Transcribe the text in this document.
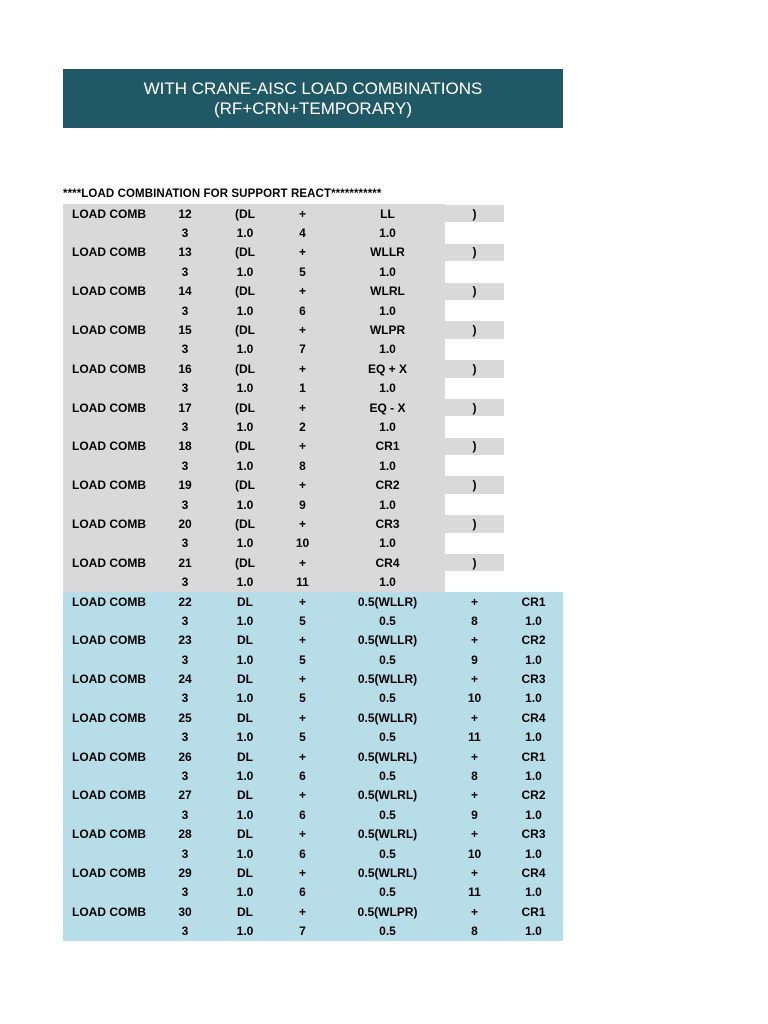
WITH CRANE-AISC LOAD COMBINATIONS
(RF+CRN+TEMPORARY)
****LOAD COMBINATION FOR SUPPORT REACT***********
LOAD COMB	12	(DL	+	LL	)
3	1.0	4	1.0
LOAD COMB	13	(DL	+	WLLR	)
3	1.0	5	1.0
LOAD COMB	14	(DL	+	WLRL	)
3	1.0	6	1.0
LOAD COMB	15	(DL	+	WLPR	)
3	1.0	7	1.0
LOAD COMB	16	(DL	+	EQ + X	)
3	1.0	1	1.0
LOAD COMB	17	(DL	+	EQ - X	)
3	1.0	2	1.0
LOAD COMB	18	(DL	+	CR1	)
3	1.0	8	1.0
LOAD COMB	19	(DL	+	CR2	)
3	1.0	9	1.0
LOAD COMB	20	(DL	+	CR3	)
3	1.0	10	1.0
LOAD COMB	21	(DL	+	CR4	)
3	1.0	11	1.0
LOAD COMB	22	DL	+	0.5(WLLR)	+	CR1
3	1.0	5	0.5	8	1.0
LOAD COMB	23	DL	+	0.5(WLLR)	+	CR2
3	1.0	5	0.5	9	1.0
LOAD COMB	24	DL	+	0.5(WLLR)	+	CR3
3	1.0	5	0.5	10	1.0
LOAD COMB	25	DL	+	0.5(WLLR)	+	CR4
3	1.0	5	0.5	11	1.0
LOAD COMB	26	DL	+	0.5(WLRL)	+	CR1
3	1.0	6	0.5	8	1.0
LOAD COMB	27	DL	+	0.5(WLRL)	+	CR2
3	1.0	6	0.5	9	1.0
LOAD COMB	28	DL	+	0.5(WLRL)	+	CR3
3	1.0	6	0.5	10	1.0
LOAD COMB	29	DL	+	0.5(WLRL)	+	CR4
3	1.0	6	0.5	11	1.0
LOAD COMB	30	DL	+	0.5(WLPR)	+	CR1
3	1.0	7	0.5	8	1.0
